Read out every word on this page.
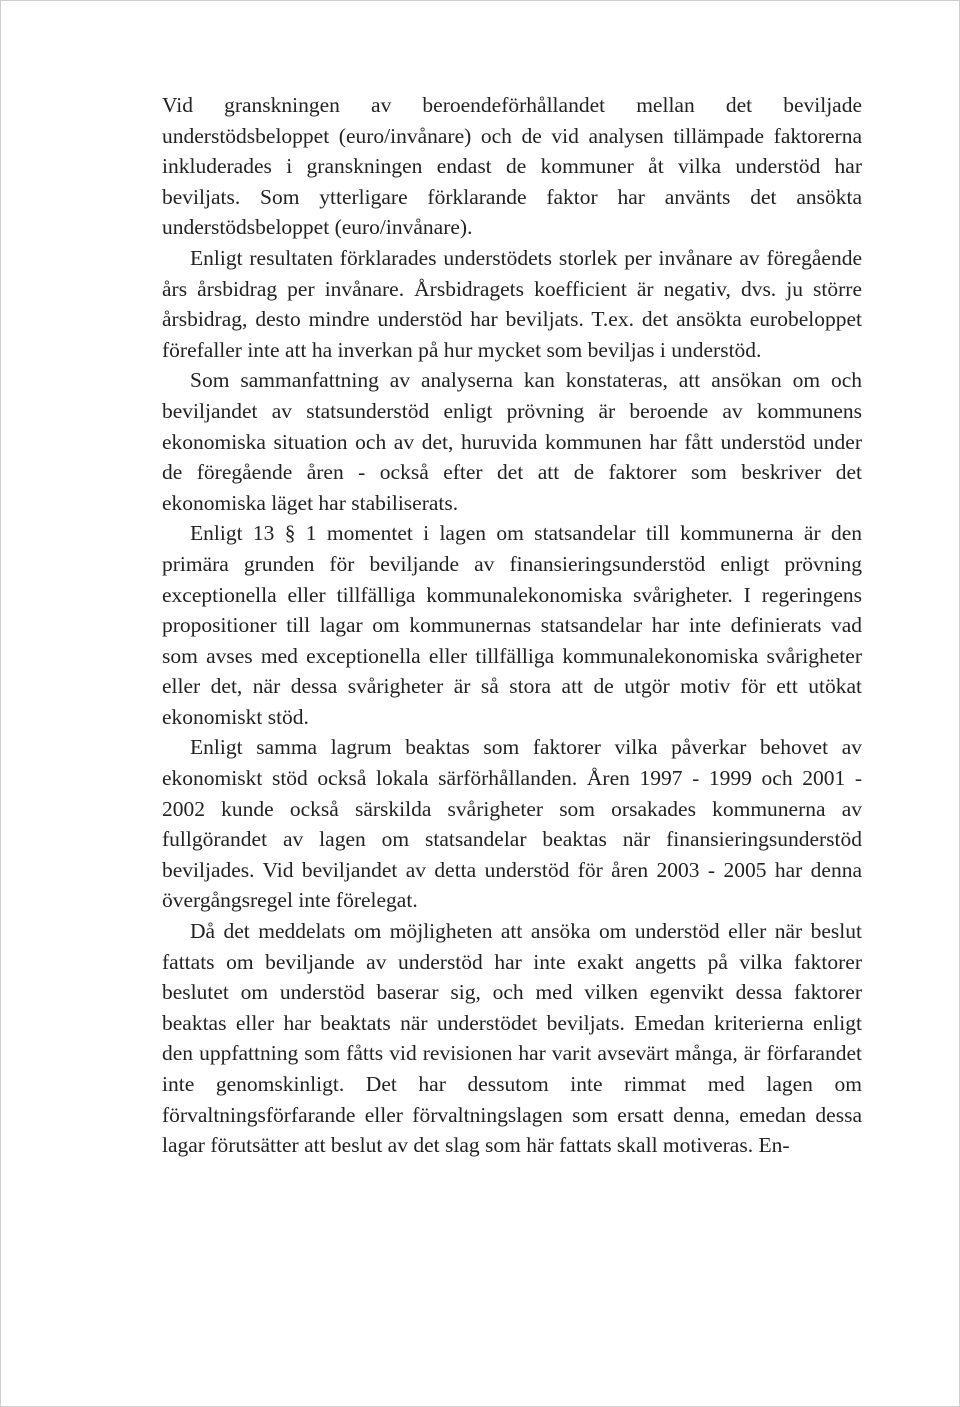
Vid granskningen av beroendeförhållandet mellan det beviljade understödsbeloppet (euro/invånare) och de vid analysen tillämpade faktorerna inkluderades i granskningen endast de kommuner åt vilka understöd har beviljats. Som ytterligare förklarande faktor har använts det ansökta understödsbeloppet (euro/invånare).

Enligt resultaten förklarades understödets storlek per invånare av föregående års årsbidrag per invånare. Årsbidragets koefficient är negativ, dvs. ju större årsbidrag, desto mindre understöd har beviljats. T.ex. det ansökta eurobeloppet förefaller inte att ha inverkan på hur mycket som beviljas i understöd.

Som sammanfattning av analyserna kan konstateras, att ansökan om och beviljandet av statsunderstöd enligt prövning är beroende av kommunens ekonomiska situation och av det, huruvida kommunen har fått understöd under de föregående åren - också efter det att de faktorer som beskriver det ekonomiska läget har stabiliserats.

Enligt 13 § 1 momentet i lagen om statsandelar till kommunerna är den primära grunden för beviljande av finansieringsunderstöd enligt prövning exceptionella eller tillfälliga kommunalekonomiska svårigheter. I regeringens propositioner till lagar om kommunernas statsandelar har inte definierats vad som avses med exceptionella eller tillfälliga kommunalekonomiska svårigheter eller det, när dessa svårigheter är så stora att de utgör motiv för ett utökat ekonomiskt stöd.

Enligt samma lagrum beaktas som faktorer vilka påverkar behovet av ekonomiskt stöd också lokala särförhållanden. Åren 1997 - 1999 och 2001 - 2002 kunde också särskilda svårigheter som orsakades kommunerna av fullgörandet av lagen om statsandelar beaktas när finansieringsunderstöd beviljades. Vid beviljandet av detta understöd för åren 2003 - 2005 har denna övergångsregel inte förelegat.

Då det meddelats om möjligheten att ansöka om understöd eller när beslut fattats om beviljande av understöd har inte exakt angetts på vilka faktorer beslutet om understöd baserar sig, och med vilken egenvikt dessa faktorer beaktas eller har beaktats när understödet beviljats. Emedan kriterierna enligt den uppfattning som fåtts vid revisionen har varit avsevärt många, är förfarandet inte genomskinligt. Det har dessutom inte rimmat med lagen om förvaltningsförfarande eller förvaltningslagen som ersatt denna, emedan dessa lagar förutsätter att beslut av det slag som här fattats skall motiveras. En-
